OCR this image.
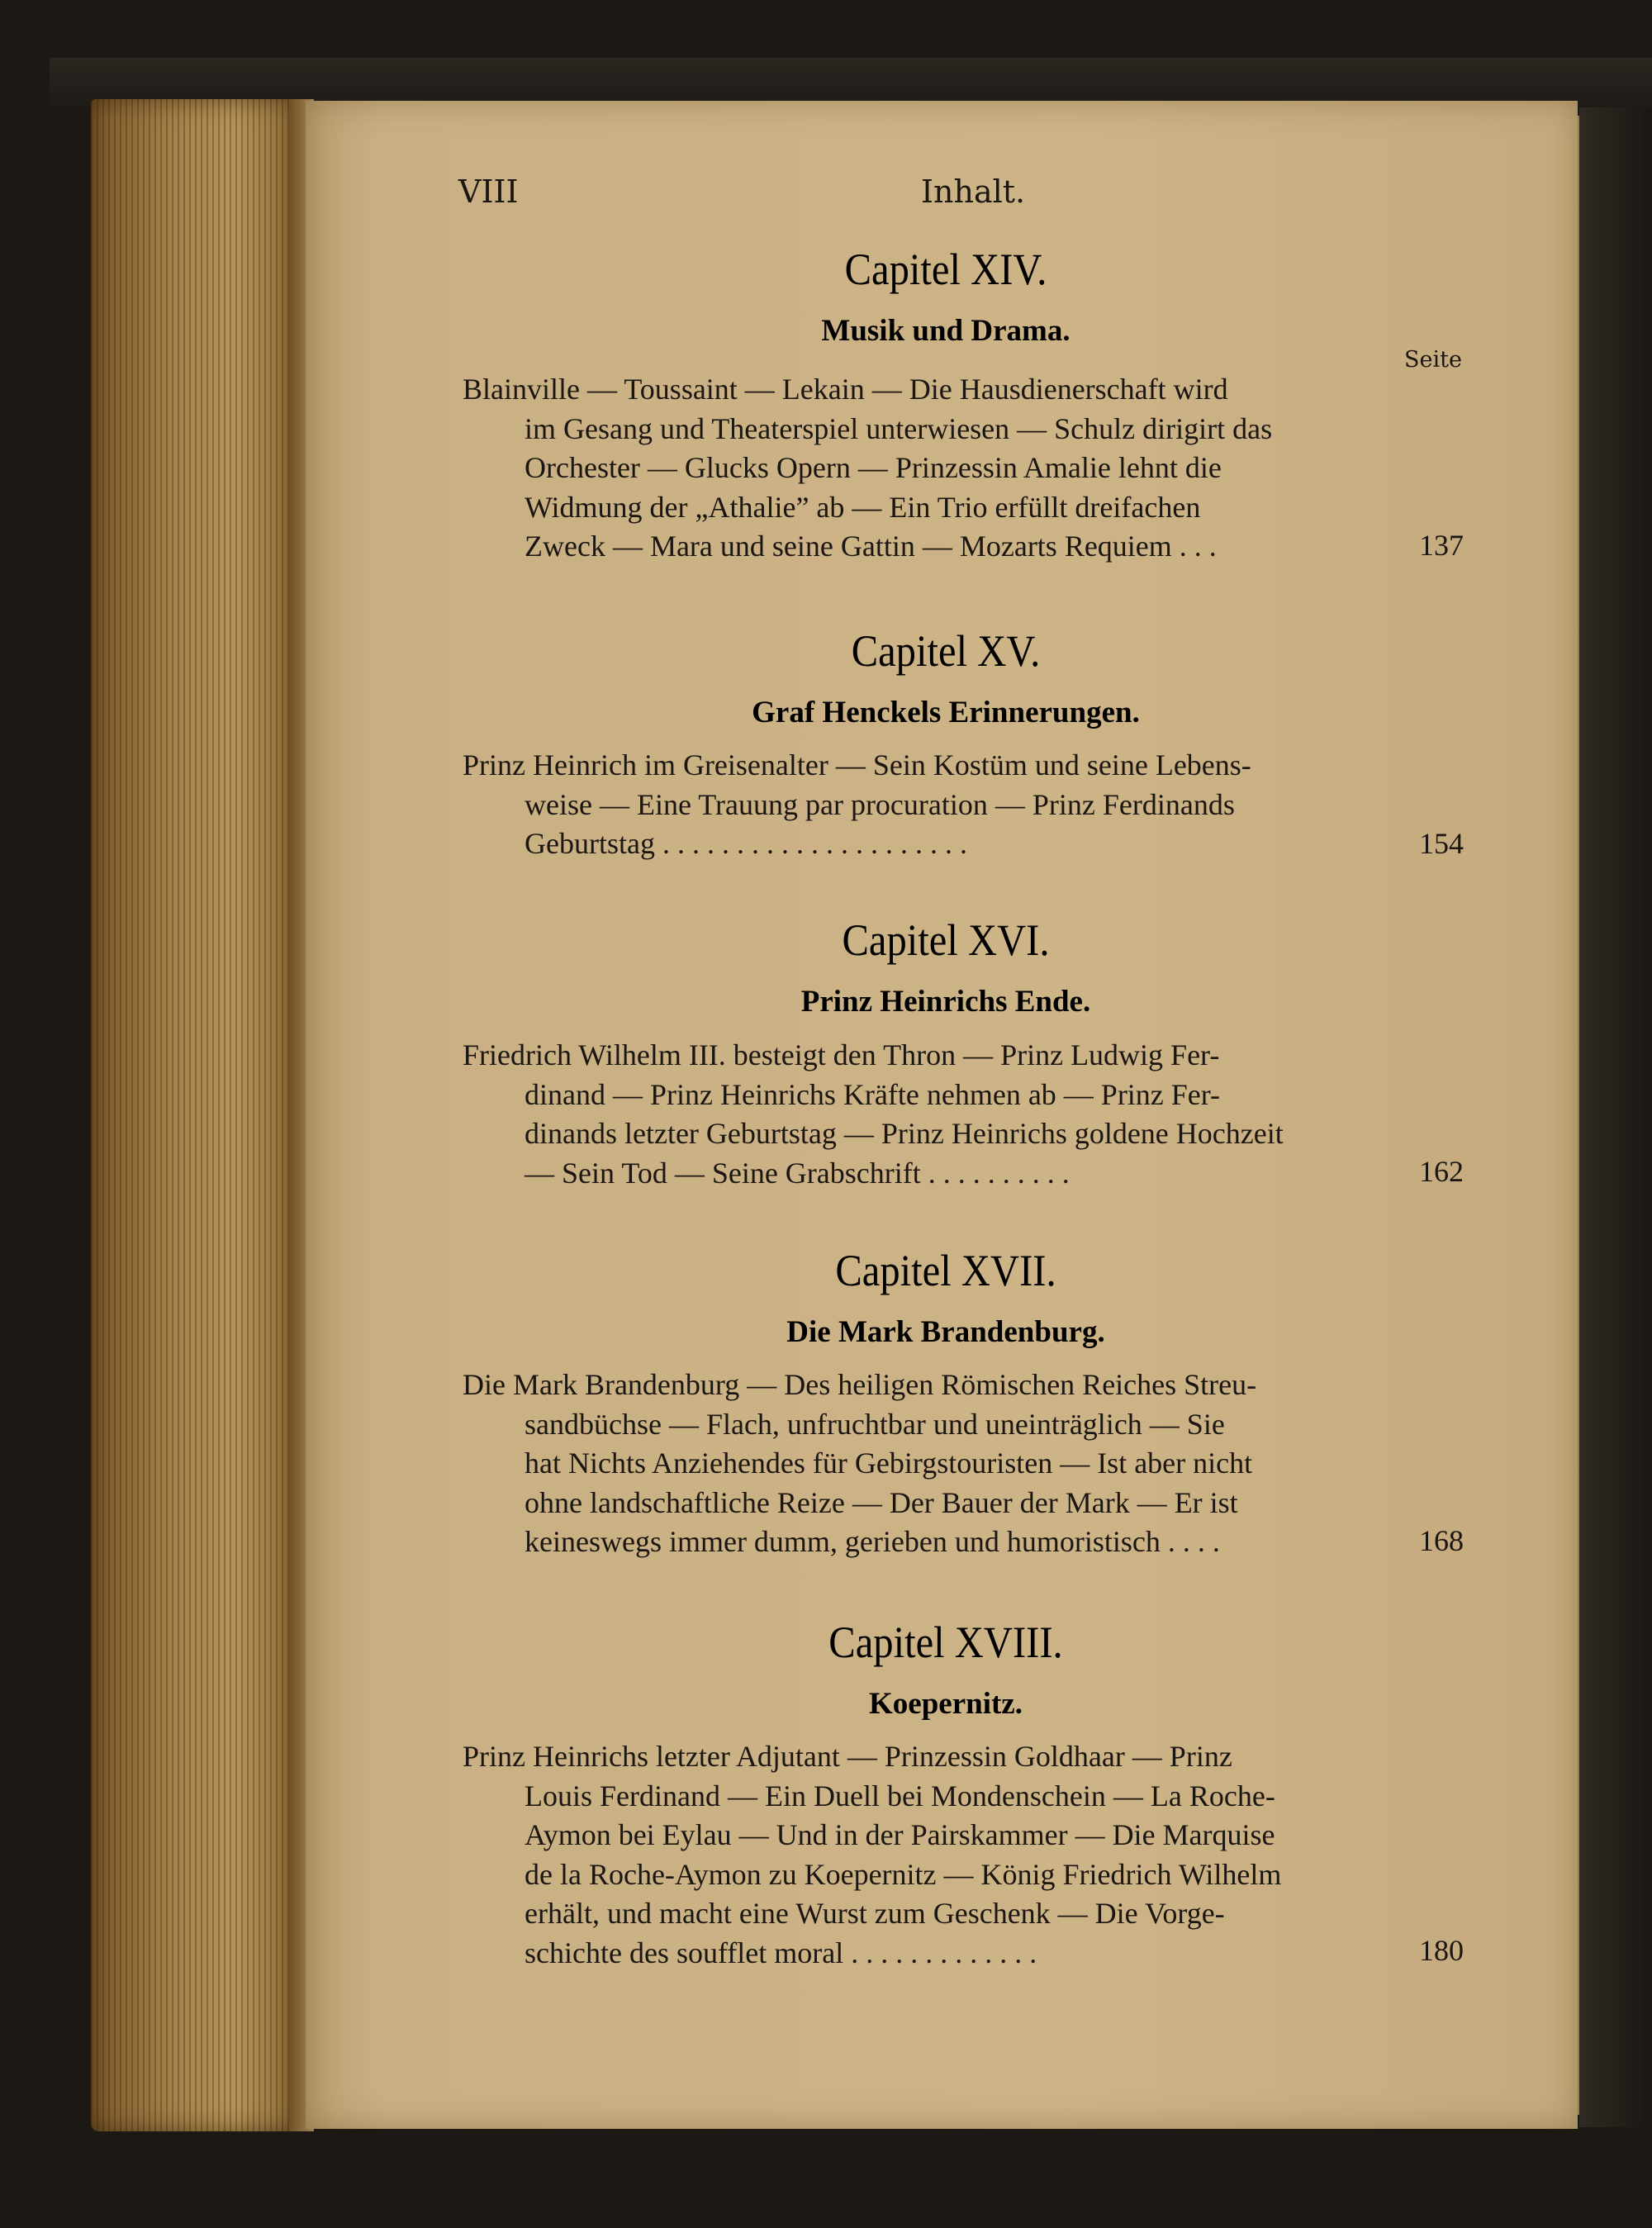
VIII	Inhalt.
Seite
Capitel XIV.
Musik und Drama.
Blainville — Toussaint — Lekain — Die Hausdienerschaft wird
im Gesang und Theaterspiel unterwiesen — Schulz dirigirt das
Orchester — Glucks Opern — Prinzessin Amalie lehnt die
Widmung der „Athalie” ab — Ein Trio erfüllt dreifachen
Zweck — Mara und seine Gattin — Mozarts Requiem . . .	137
Capitel XV.
Graf Henckels Erinnerungen.
Prinz Heinrich im Greisenalter — Sein Kostüm und seine Lebens-
weise — Eine Trauung par procuration — Prinz Ferdinands
Geburtstag . . . . . . . . . . . . . . . . . . . . .	154
Capitel XVI.
Prinz Heinrichs Ende.
Friedrich Wilhelm III. besteigt den Thron — Prinz Ludwig Fer-
dinand — Prinz Heinrichs Kräfte nehmen ab — Prinz Fer-
dinands letzter Geburtstag — Prinz Heinrichs goldene Hochzeit
— Sein Tod — Seine Grabschrift . . . . . . . . . .	162
Capitel XVII.
Die Mark Brandenburg.
Die Mark Brandenburg — Des heiligen Römischen Reiches Streu-
sandbüchse — Flach, unfruchtbar und uneinträglich — Sie
hat Nichts Anziehendes für Gebirgstouristen — Ist aber nicht
ohne landschaftliche Reize — Der Bauer der Mark — Er ist
keineswegs immer dumm, gerieben und humoristisch . . . .	168
Capitel XVIII.
Koepernitz.
Prinz Heinrichs letzter Adjutant — Prinzessin Goldhaar — Prinz
Louis Ferdinand — Ein Duell bei Mondenschein — La Roche-
Aymon bei Eylau — Und in der Pairskammer — Die Marquise
de la Roche-Aymon zu Koepernitz — König Friedrich Wilhelm
erhält, und macht eine Wurst zum Geschenk — Die Vorge-
schichte des soufflet moral . . . . . . . . . . . . .	180
